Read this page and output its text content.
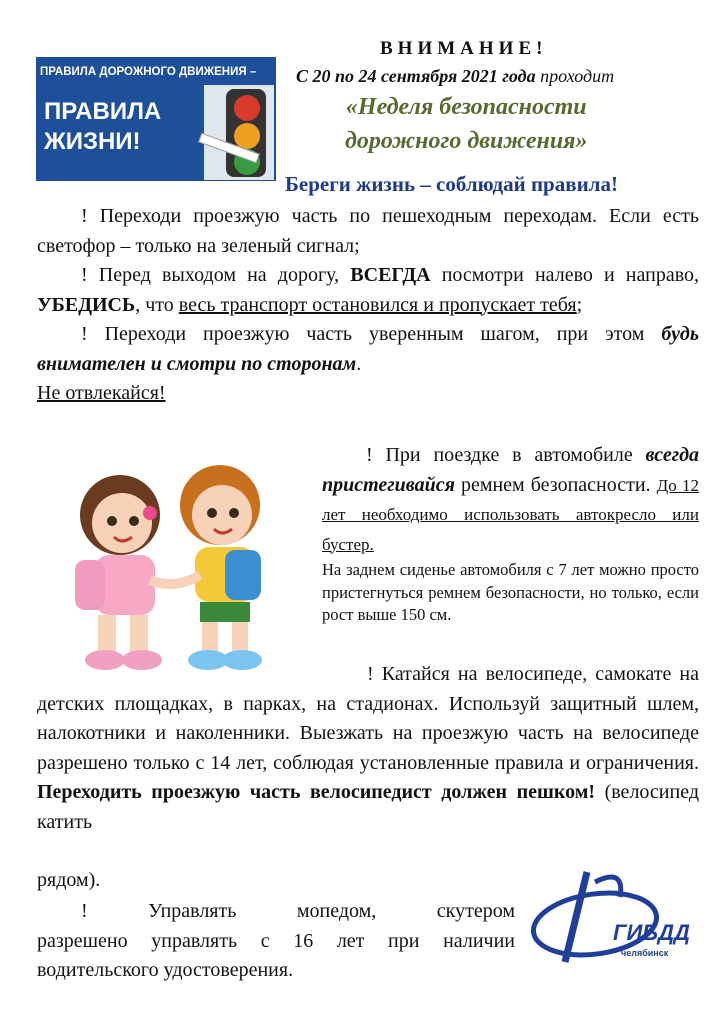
ПРАВИЛА ДОРОЖНОГО ДВИЖЕНИЯ –
ПРАВИЛА
ЖИЗНИ!
ВНИМАНИЕ!
С 20 по 24 сентября 2021 года проходит
«Неделя безопасности
дорожного движения»
Береги жизнь – соблюдай правила!
! Переходи проезжую часть по пешеходным переходам. Если есть светофор – только на зеленый сигнал;
! Перед выходом на дорогу, ВСЕГДА посмотри налево и направо, УБЕДИСЬ, что весь транспорт остановился и пропускает тебя;
! Переходи проезжую часть уверенным шагом, при этом будь внимателен и смотри по сторонам.
Не отвлекайся!
! При поездке в автомобиле всегда пристегивайся ремнем безопасности. До 12 лет необходимо использовать автокресло или бустер.
На заднем сиденье автомобиля с 7 лет можно просто пристегнуться ремнем безопасности, но только, если рост выше 150 см.
! Катайся на велосипеде, самокате на детских площадках, в парках, на стадионах. Используй защитный шлем, налокотники и наколенники. Выезжать на проезжую часть на велосипеде разрешено только с 14 лет, соблюдая установленные правила и ограничения. Переходить проезжую часть велосипедист должен пешком! (велосипед катить
рядом).
! Управлять мопедом, скутером
разрешено управлять с 16 лет при наличии водительского удостоверения.
ГИБДД
челябинск
